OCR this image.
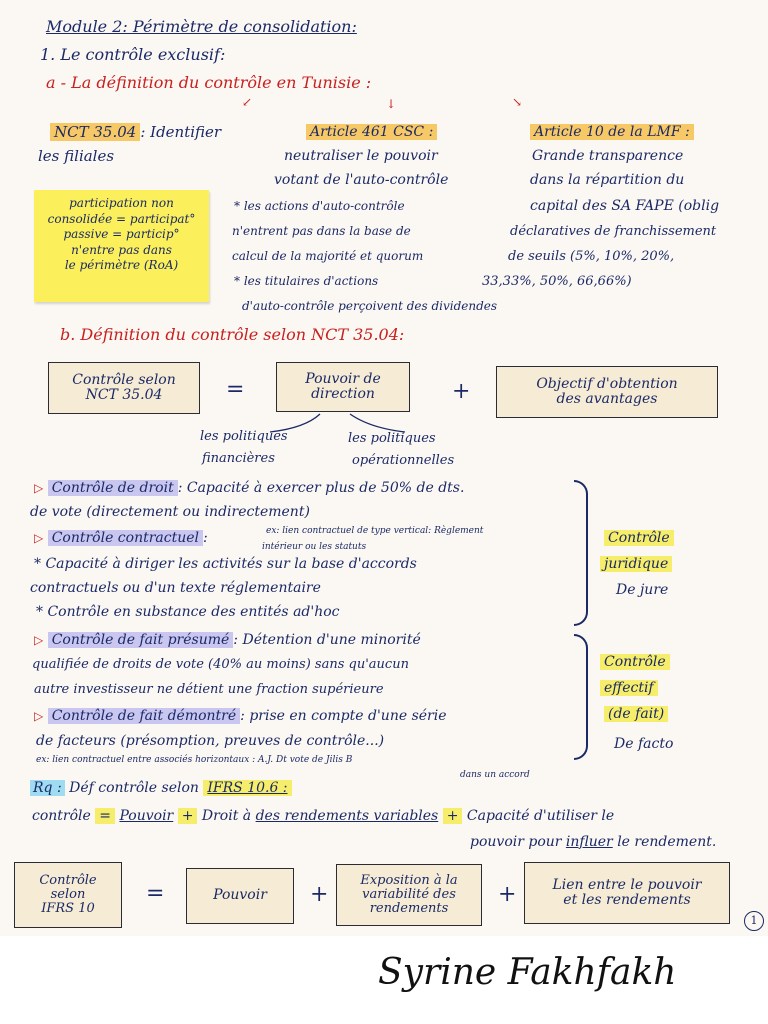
Module 2: Périmètre de consolidation:
1. Le contrôle exclusif:
a - La définition du contrôle en Tunisie :
↙	↓	↘
NCT 35.04 : Identifier
les filiales
Article 461 CSC :
neutraliser le pouvoir
votant de l'auto-contrôle
Article 10 de la LMF :
Grande transparence
dans la répartition du
capital des SA FAPE (oblig
participation non
consolidée = participat°
passive = particip°
n'entre pas dans
le périmètre (RoA)
* les actions d'auto-contrôle
n'entrent pas dans la base de
calcul de la majorité et quorum
* les titulaires d'actions
d'auto-contrôle perçoivent des dividendes
déclaratives de franchissement
de seuils (5%, 10%, 20%,
33,33%, 50%, 66,66%)
b. Définition du contrôle selon NCT 35.04:
Contrôle selon
NCT 35.04	=	Pouvoir de
direction	+	Objectif d'obtention
des avantages
les politiques
financières
les politiques
opérationnelles
▷ Contrôle de droit : Capacité à exercer plus de 50% de dts.
de vote (directement ou indirectement)
▷ Contrôle contractuel :	ex: lien contractuel de type vertical: Règlement
intérieur ou les statuts
* Capacité à diriger les activités sur la base d'accords
contractuels ou d'un texte réglementaire
* Contrôle en substance des entités ad'hoc
▷ Contrôle de fait présumé : Détention d'une minorité
qualifiée de droits de vote (40% au moins) sans qu'aucun
autre investisseur ne détient une fraction supérieure
▷ Contrôle de fait démontré : prise en compte d'une série
de facteurs (présomption, preuves de contrôle...)
ex: lien contractuel entre associés horizontaux : A.J. Dt vote de Jilis B
dans un accord
Contrôle
juridique
De jure
Contrôle
effectif
(de fait)
De facto
Rq : Déf contrôle selon IFRS 10.6 :
contrôle = Pouvoir + Droit à des rendements variables + Capacité d'utiliser le
pouvoir pour influer le rendement.
Contrôle
selon
IFRS 10
=	Pouvoir +
Exposition à la
variabilité des
rendements
+	Lien entre le pouvoir
et les rendements
1
Syrine Fakhfakh
